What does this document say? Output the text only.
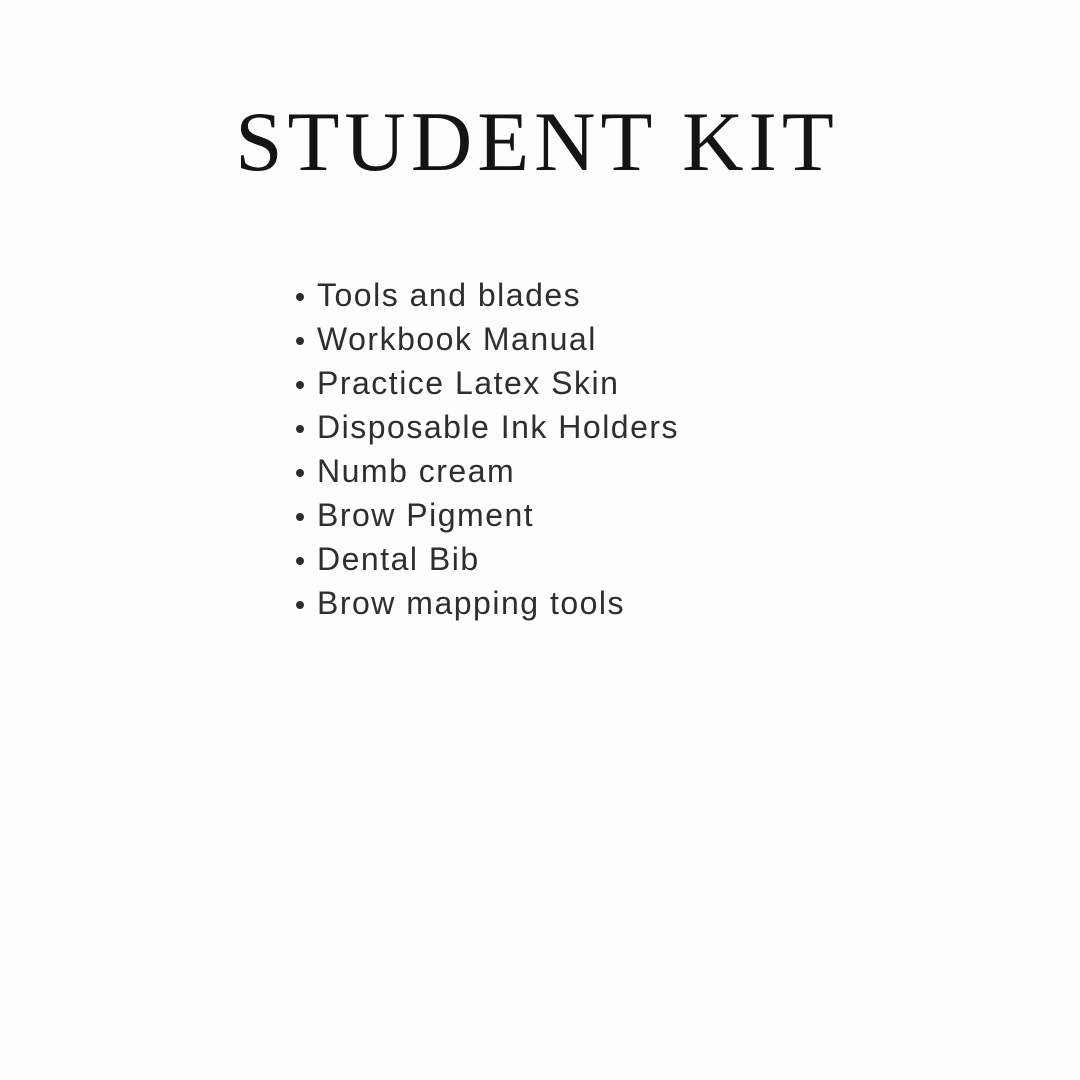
STUDENT KIT
Tools and blades
Workbook Manual
Practice Latex Skin
Disposable Ink Holders
Numb cream
Brow Pigment
Dental Bib
Brow mapping tools
